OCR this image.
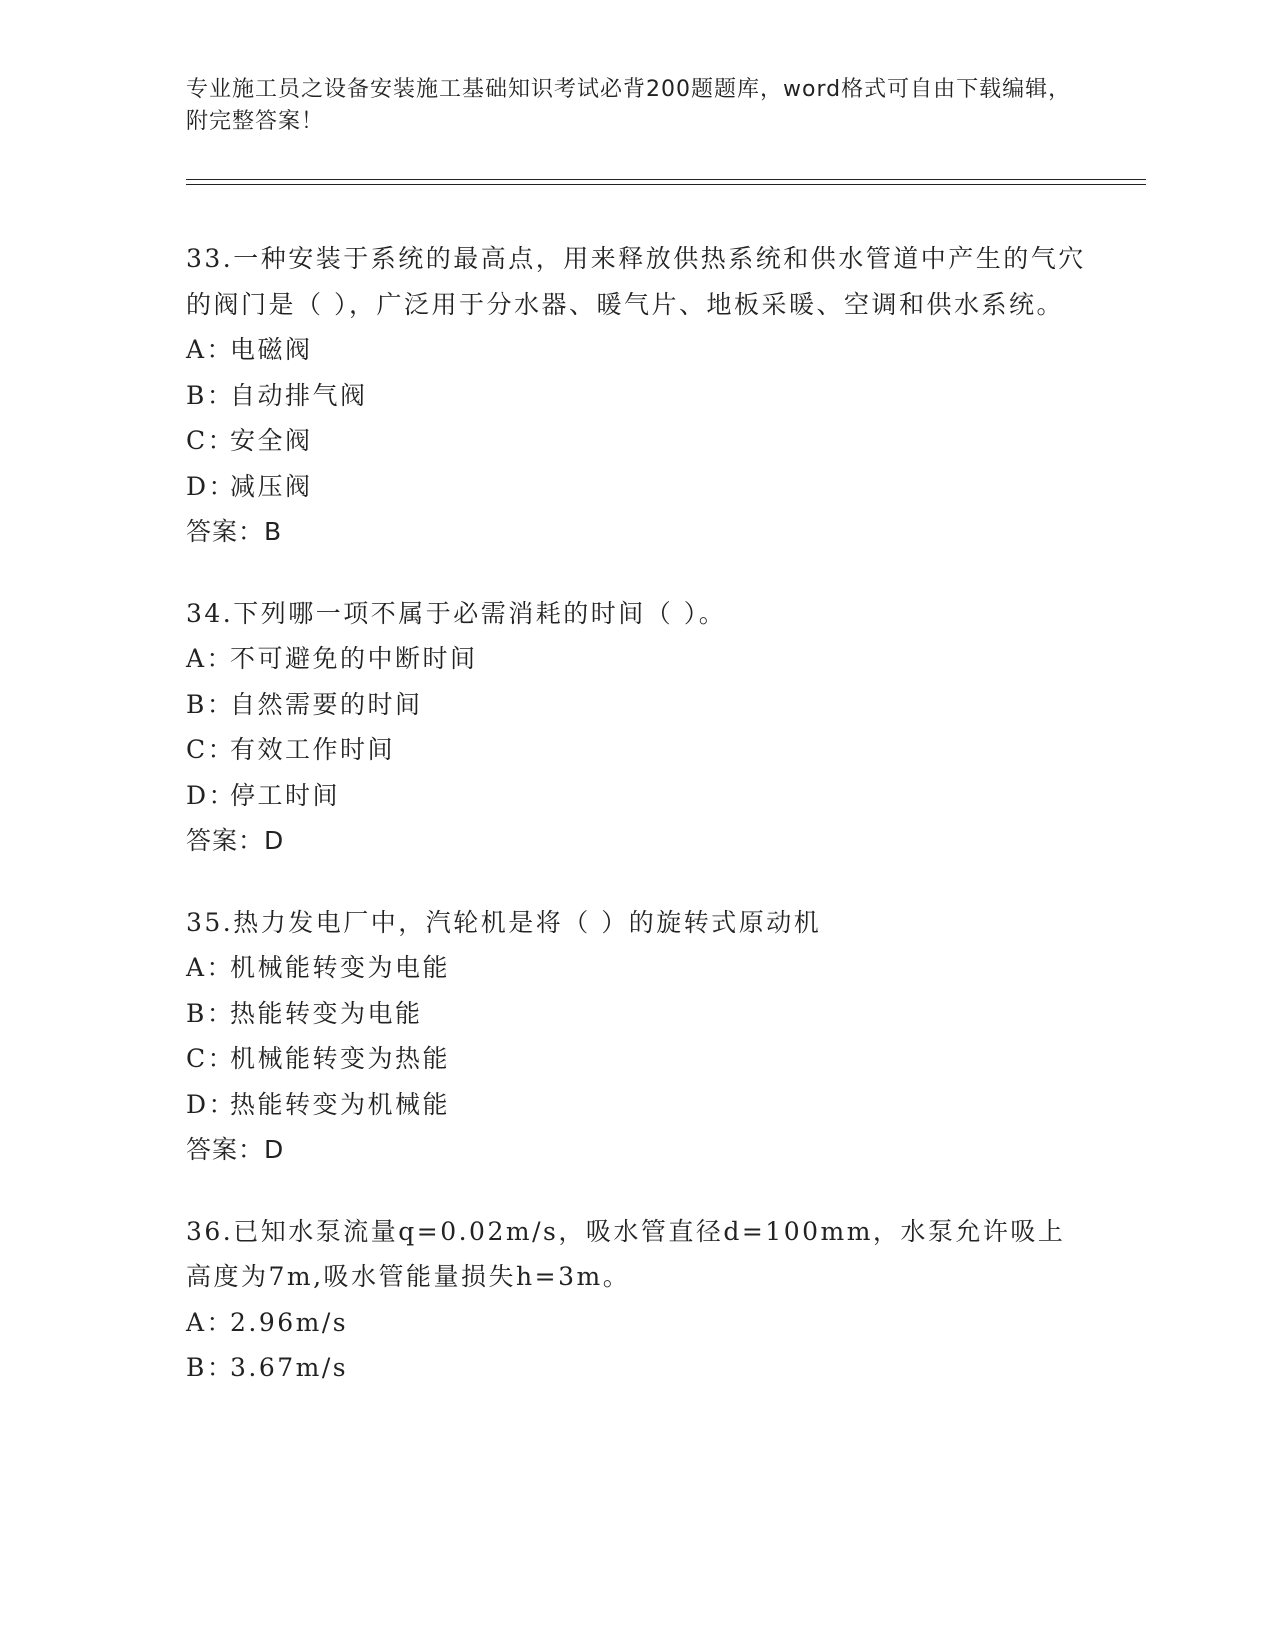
专业施工员之设备安装施工基础知识考试必背200题题库，word格式可自由下载编辑，附完整答案！

33.一种安装于系统的最高点，用来释放供热系统和供水管道中产生的气穴的阀门是（ ），广泛用于分水器、暖气片、地板采暖、空调和供水系统。

A：电磁阀
B：自动排气阀
C：安全阀
D：减压阀
答案：B

34.下列哪一项不属于必需消耗的时间（ ）。

A：不可避免的中断时间
B：自然需要的时间
C：有效工作时间
D：停工时间
答案：D

35.热力发电厂中，汽轮机是将（ ）的旋转式原动机

A：机械能转变为电能
B：热能转变为电能
C：机械能转变为热能
D：热能转变为机械能
答案：D

36.已知水泵流量q=0.02m/s，吸水管直径d=100mm，水泵允许吸上高度为7m,吸水管能量损失h=3m。

A：2.96m/s
B：3.67m/s
